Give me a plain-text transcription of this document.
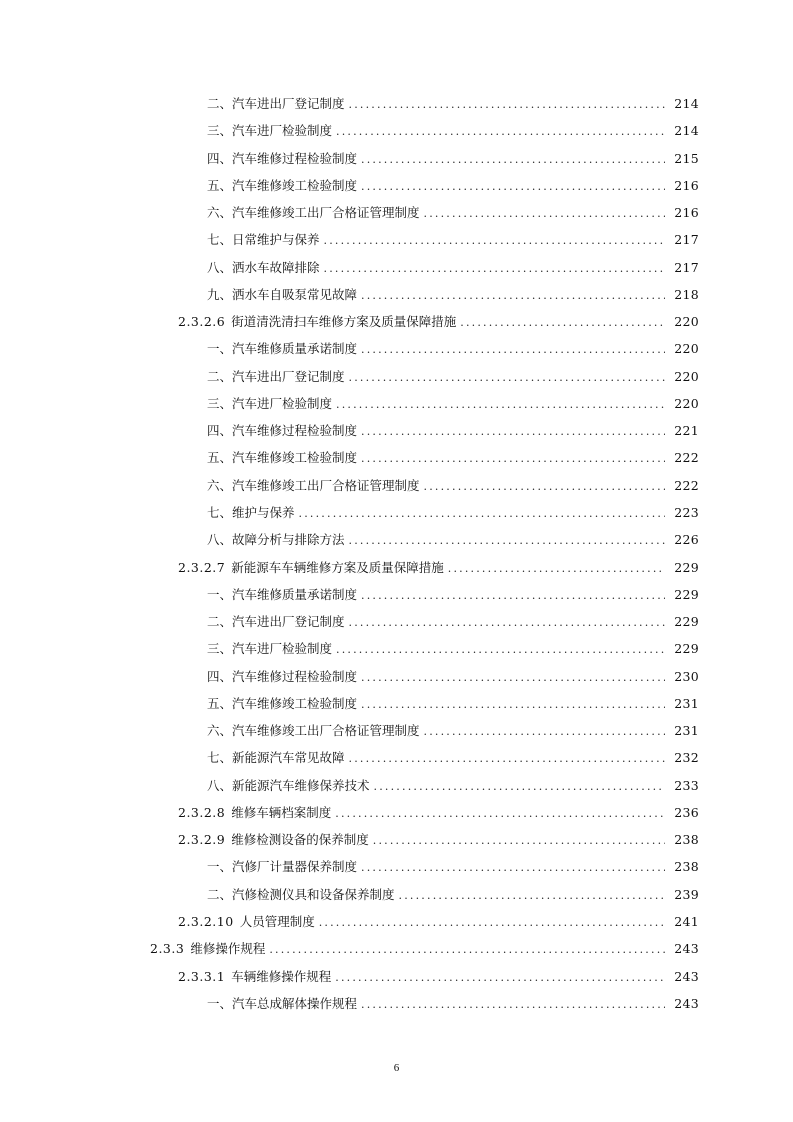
二、汽车进出厂登记制度 .....	214
三、汽车进厂检验制度 .....	214
四、汽车维修过程检验制度 .....	215
五、汽车维修竣工检验制度 .....	216
六、汽车维修竣工出厂合格证管理制度 .....	216
七、日常维护与保养 .....	217
八、洒水车故障排除 .....	217
九、洒水车自吸泵常见故障 .....	218
2.3.2.6 街道清洗清扫车维修方案及质量保障措施 .....	220
一、汽车维修质量承诺制度 .....	220
二、汽车进出厂登记制度 .....	220
三、汽车进厂检验制度 .....	220
四、汽车维修过程检验制度 .....	221
五、汽车维修竣工检验制度 .....	222
六、汽车维修竣工出厂合格证管理制度 .....	222
七、维护与保养 .....	223
八、故障分析与排除方法 .....	226
2.3.2.7 新能源车车辆维修方案及质量保障措施 .....	229
一、汽车维修质量承诺制度 .....	229
二、汽车进出厂登记制度 .....	229
三、汽车进厂检验制度 .....	229
四、汽车维修过程检验制度 .....	230
五、汽车维修竣工检验制度 .....	231
六、汽车维修竣工出厂合格证管理制度 .....	231
七、新能源汽车常见故障 .....	232
八、新能源汽车维修保养技术 .....	233
2.3.2.8 维修车辆档案制度 .....	236
2.3.2.9 维修检测设备的保养制度 .....	238
一、汽修厂计量器保养制度 .....	238
二、汽修检测仪具和设备保养制度 .....	239
2.3.2.10 人员管理制度 .....	241
2.3.3 维修操作规程 .....	243
2.3.3.1 车辆维修操作规程 .....	243
一、汽车总成解体操作规程 .....	243
6
